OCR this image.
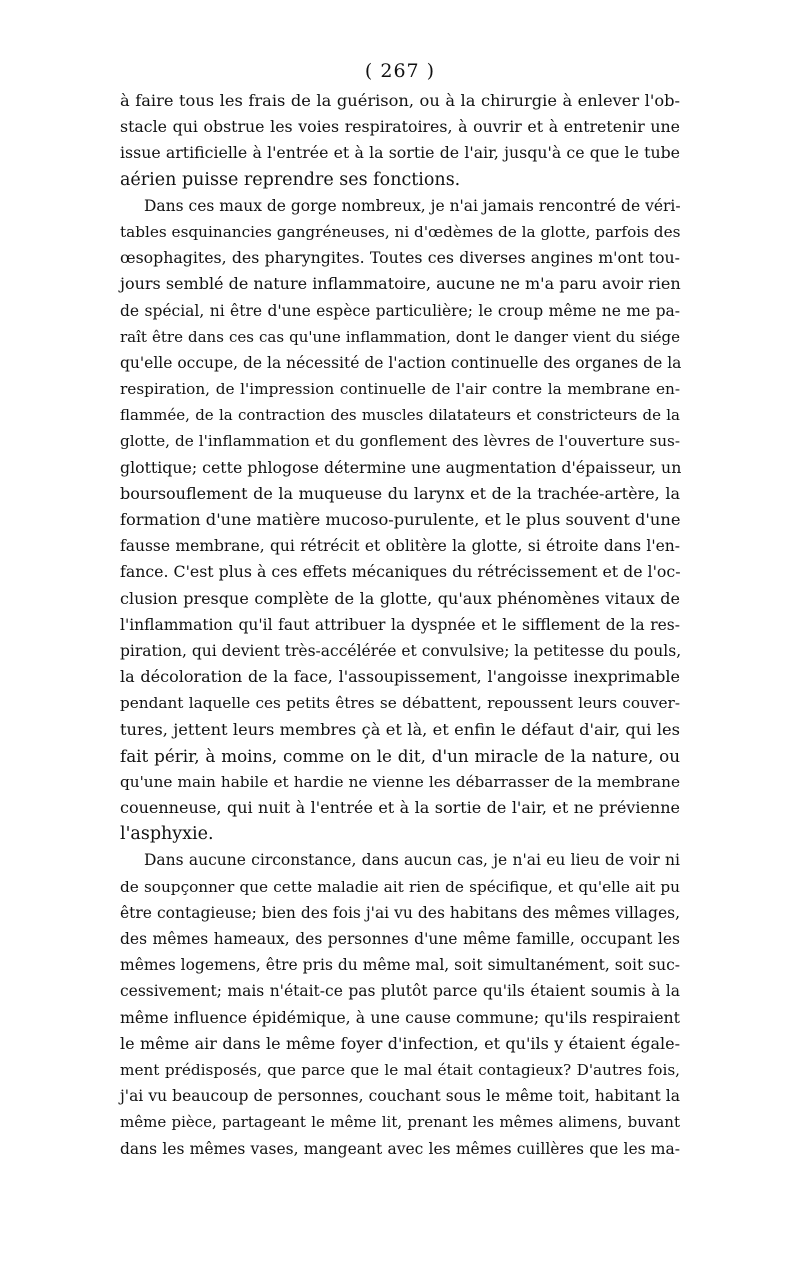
( 267 )
à faire tous les frais de la guérison, ou à la chirurgie à enlever l'ob-
stacle qui obstrue les voies respiratoires, à ouvrir et à entretenir une
issue artificielle à l'entrée et à la sortie de l'air, jusqu'à ce que le tube
aérien puisse reprendre ses fonctions.
Dans ces maux de gorge nombreux, je n'ai jamais rencontré de véri-
tables esquinancies gangréneuses, ni d'œdèmes de la glotte, parfois des
œsophagites, des pharyngites. Toutes ces diverses angines m'ont tou-
jours semblé de nature inflammatoire, aucune ne m'a paru avoir rien
de spécial, ni être d'une espèce particulière; le croup même ne me pa-
raît être dans ces cas qu'une inflammation, dont le danger vient du siége
qu'elle occupe, de la nécessité de l'action continuelle des organes de la
respiration, de l'impression continuelle de l'air contre la membrane en-
flammée, de la contraction des muscles dilatateurs et constricteurs de la
glotte, de l'inflammation et du gonflement des lèvres de l'ouverture sus-
glottique; cette phlogose détermine une augmentation d'épaisseur, un
boursouflement de la muqueuse du larynx et de la trachée-artère, la
formation d'une matière mucoso-purulente, et le plus souvent d'une
fausse membrane, qui rétrécit et oblitère la glotte, si étroite dans l'en-
fance. C'est plus à ces effets mécaniques du rétrécissement et de l'oc-
clusion presque complète de la glotte, qu'aux phénomènes vitaux de
l'inflammation qu'il faut attribuer la dyspnée et le sifflement de la res-
piration, qui devient très-accélérée et convulsive; la petitesse du pouls,
la décoloration de la face, l'assoupissement, l'angoisse inexprimable
pendant laquelle ces petits êtres se débattent, repoussent leurs couver-
tures, jettent leurs membres çà et là, et enfin le défaut d'air, qui les
fait périr, à moins, comme on le dit, d'un miracle de la nature, ou
qu'une main habile et hardie ne vienne les débarrasser de la membrane
couenneuse, qui nuit à l'entrée et à la sortie de l'air, et ne prévienne
l'asphyxie.
Dans aucune circonstance, dans aucun cas, je n'ai eu lieu de voir ni
de soupçonner que cette maladie ait rien de spécifique, et qu'elle ait pu
être contagieuse; bien des fois j'ai vu des habitans des mêmes villages,
des mêmes hameaux, des personnes d'une même famille, occupant les
mêmes logemens, être pris du même mal, soit simultanément, soit suc-
cessivement; mais n'était-ce pas plutôt parce qu'ils étaient soumis à la
même influence épidémique, à une cause commune; qu'ils respiraient
le même air dans le même foyer d'infection, et qu'ils y étaient égale-
ment prédisposés, que parce que le mal était contagieux? D'autres fois,
j'ai vu beaucoup de personnes, couchant sous le même toit, habitant la
même pièce, partageant le même lit, prenant les mêmes alimens, buvant
dans les mêmes vases, mangeant avec les mêmes cuillères que les ma-
